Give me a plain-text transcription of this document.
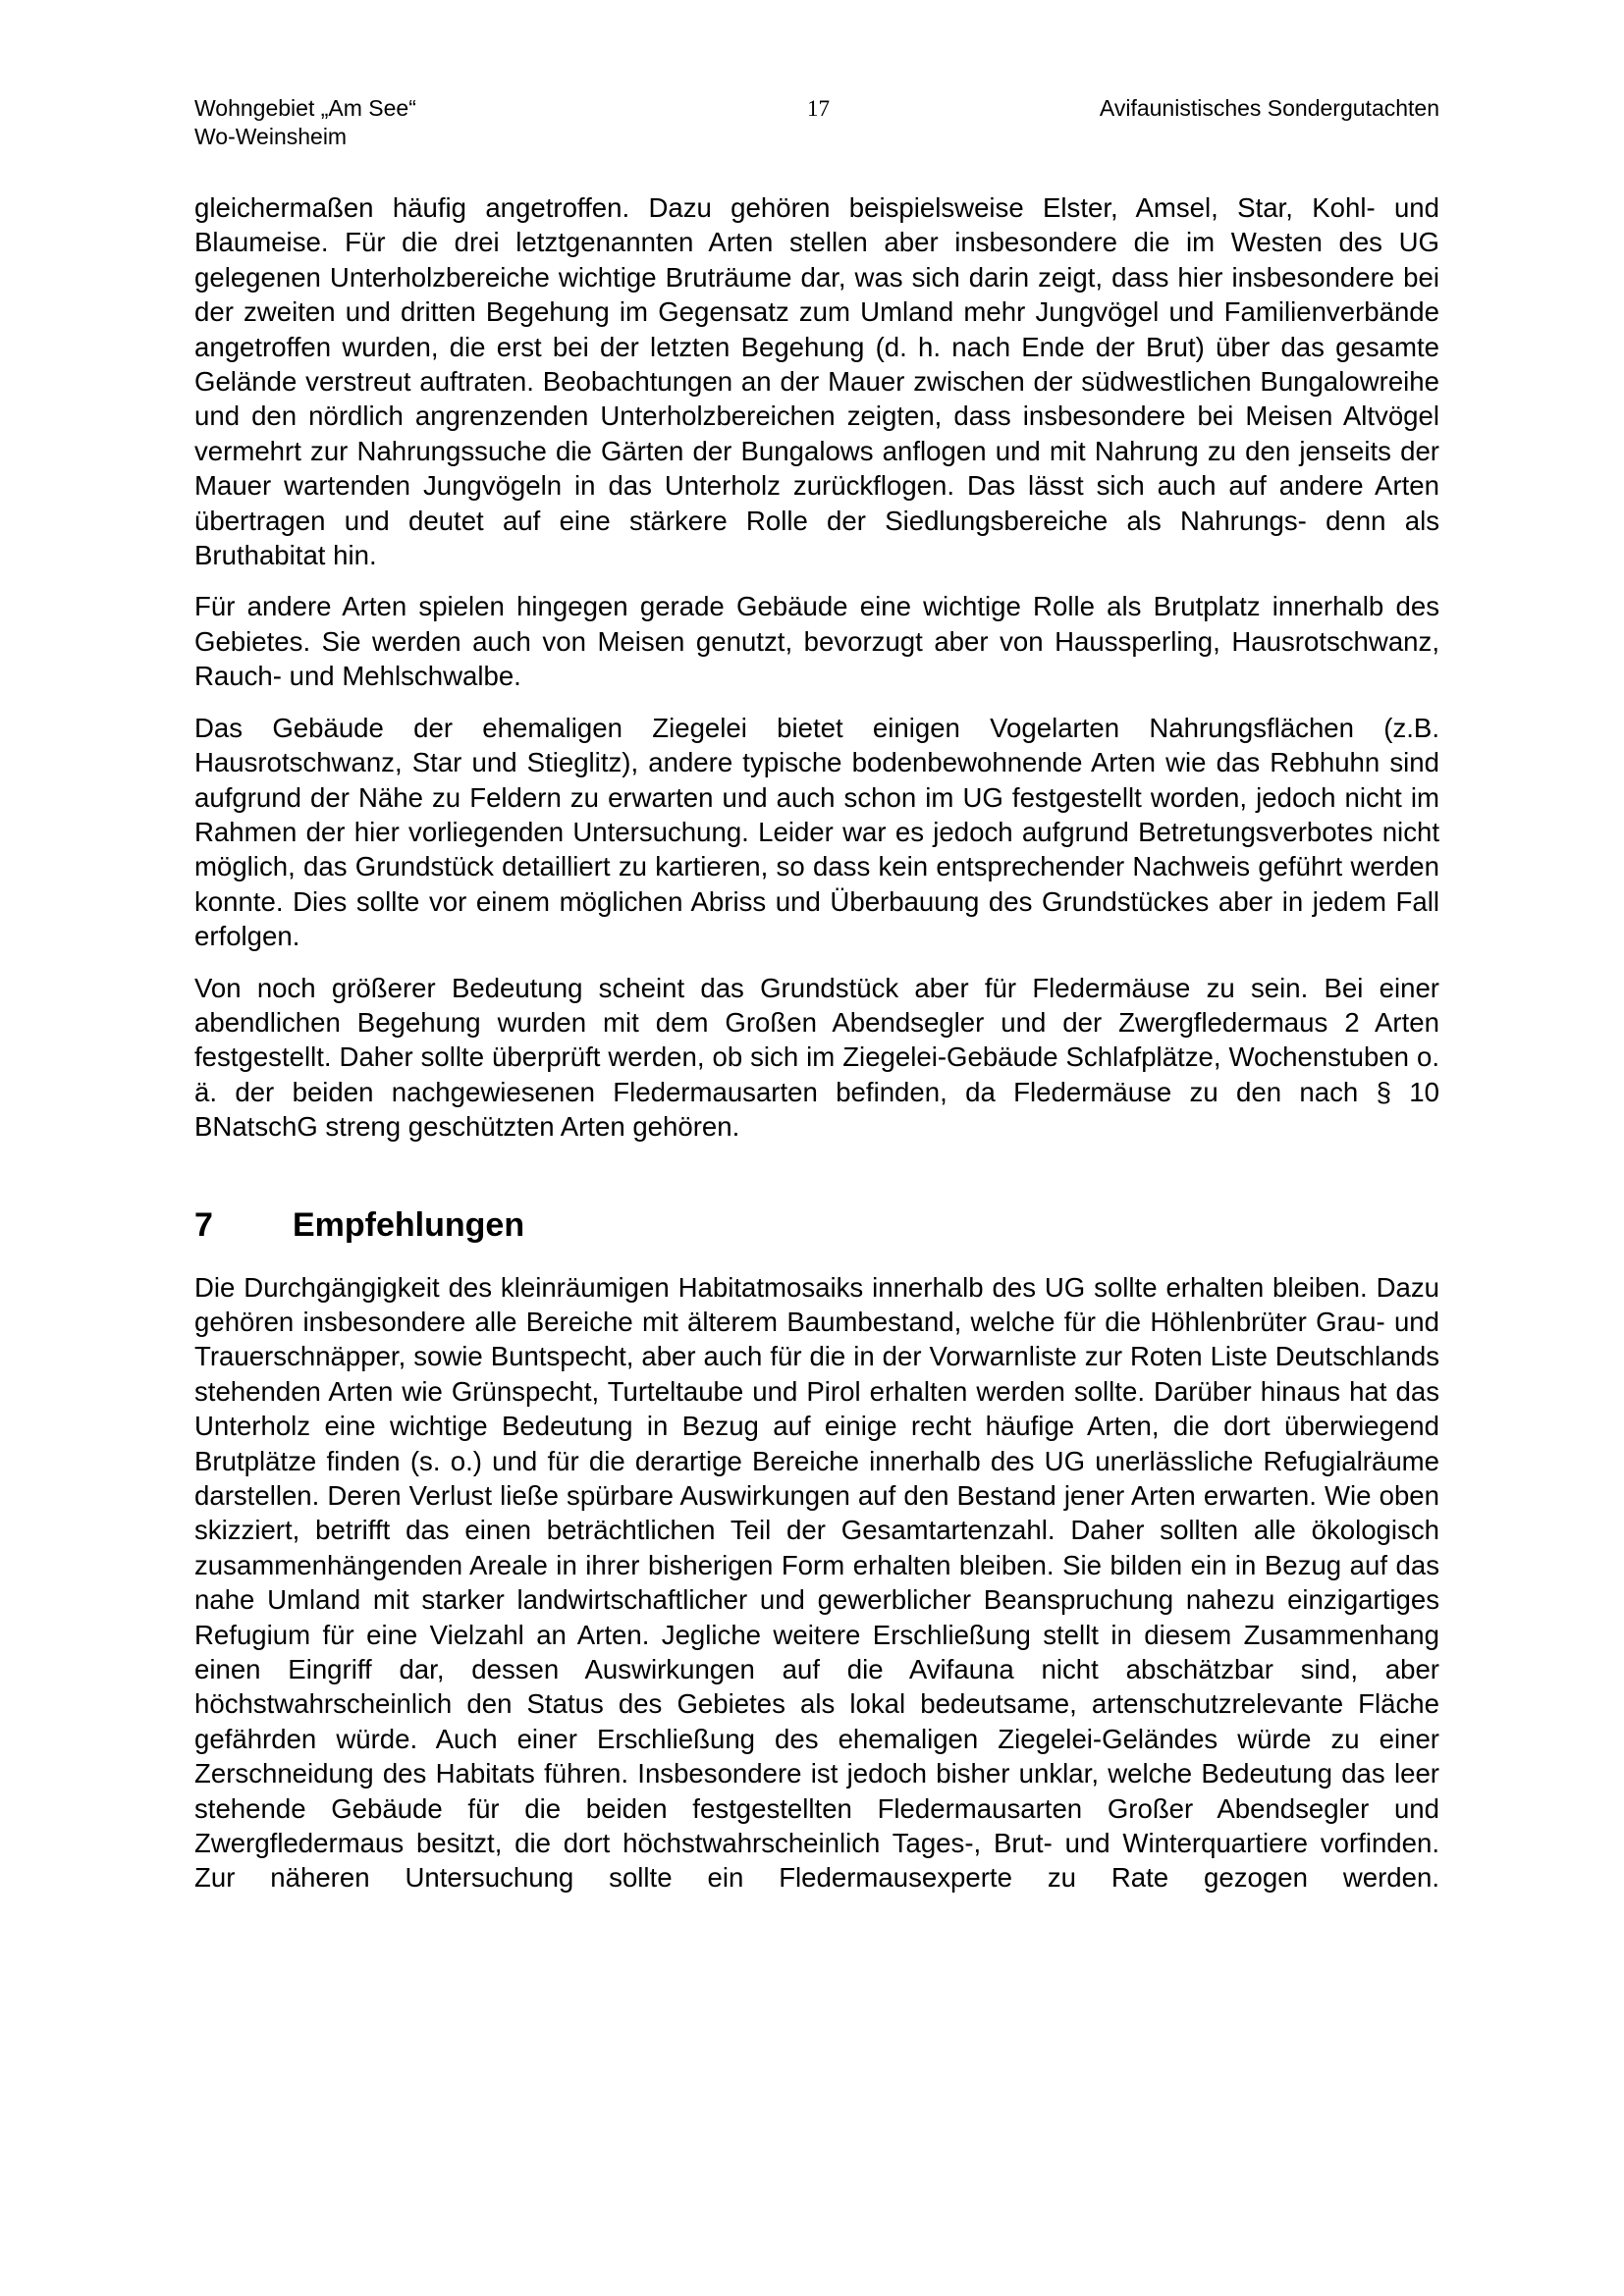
Wohngebiet „Am See“
Wo-Weinsheim
17	Avifaunistisches Sondergutachten

gleichermaßen häufig angetroffen. Dazu gehören beispielsweise Elster, Amsel, Star, Kohl- und Blaumeise. Für die drei letztgenannten Arten stellen aber insbesondere die im Westen des UG gelegenen Unterholzbereiche wichtige Bruträume dar, was sich darin zeigt, dass hier insbesondere bei der zweiten und dritten Begehung im Gegensatz zum Umland mehr Jungvögel und Familienverbände angetroffen wurden, die erst bei der letzten Begehung (d. h. nach Ende der Brut) über das gesamte Gelände verstreut auftraten. Beobachtungen an der Mauer zwischen der südwestlichen Bungalowreihe und den nördlich angrenzenden Unterholzbereichen zeigten, dass insbesondere bei Meisen Altvögel vermehrt zur Nahrungssuche die Gärten der Bungalows anflogen und mit Nahrung zu den jenseits der Mauer wartenden Jungvögeln in das Unterholz zurückflogen. Das lässt sich auch auf andere Arten übertragen und deutet auf eine stärkere Rolle der Siedlungsbereiche als Nahrungs- denn als Bruthabitat hin.

Für andere Arten spielen hingegen gerade Gebäude eine wichtige Rolle als Brutplatz innerhalb des Gebietes. Sie werden auch von Meisen genutzt, bevorzugt aber von Haussperling, Hausrotschwanz, Rauch- und Mehlschwalbe.

Das Gebäude der ehemaligen Ziegelei bietet einigen Vogelarten Nahrungsflächen (z.B. Hausrotschwanz, Star und Stieglitz), andere typische bodenbewohnende Arten wie das Rebhuhn sind aufgrund der Nähe zu Feldern zu erwarten und auch schon im UG festgestellt worden, jedoch nicht im Rahmen der hier vorliegenden Untersuchung. Leider war es jedoch aufgrund Betretungsverbotes nicht möglich, das Grundstück detailliert zu kartieren, so dass kein entsprechender Nachweis geführt werden konnte. Dies sollte vor einem möglichen Abriss und Überbauung des Grundstückes aber in jedem Fall erfolgen.

Von noch größerer Bedeutung scheint das Grundstück aber für Fledermäuse zu sein. Bei einer abendlichen Begehung wurden mit dem Großen Abendsegler und der Zwergfledermaus 2 Arten festgestellt. Daher sollte überprüft werden, ob sich im Ziegelei-Gebäude Schlafplätze, Wochenstuben o. ä. der beiden nachgewiesenen Fledermausarten befinden, da Fledermäuse zu den nach § 10 BNatschG streng geschützten Arten gehören.

7	Empfehlungen

Die Durchgängigkeit des kleinräumigen Habitatmosaiks innerhalb des UG sollte erhalten bleiben. Dazu gehören insbesondere alle Bereiche mit älterem Baumbestand, welche für die Höhlenbrüter Grau- und Trauerschnäpper, sowie Buntspecht, aber auch für die in der Vorwarnliste zur Roten Liste Deutschlands stehenden Arten wie Grünspecht, Turteltaube und Pirol erhalten werden sollte. Darüber hinaus hat das Unterholz eine wichtige Bedeutung in Bezug auf einige recht häufige Arten, die dort überwiegend Brutplätze finden (s. o.) und für die derartige Bereiche innerhalb des UG unerlässliche Refugialräume darstellen. Deren Verlust ließe spürbare Auswirkungen auf den Bestand jener Arten erwarten. Wie oben skizziert, betrifft das einen beträchtlichen Teil der Gesamtartenzahl. Daher sollten alle ökologisch zusammenhängenden Areale in ihrer bisherigen Form erhalten bleiben. Sie bilden ein in Bezug auf das nahe Umland mit starker landwirtschaftlicher und gewerblicher Beanspruchung nahezu einzigartiges Refugium für eine Vielzahl an Arten. Jegliche weitere Erschließung stellt in diesem Zusammenhang einen Eingriff dar, dessen Auswirkungen auf die Avifauna nicht abschätzbar sind, aber höchstwahrscheinlich den Status des Gebietes als lokal bedeutsame, artenschutzrelevante Fläche gefährden würde. Auch einer Erschließung des ehemaligen Ziegelei-Geländes würde zu einer Zerschneidung des Habitats führen. Insbesondere ist jedoch bisher unklar, welche Bedeutung das leer stehende Gebäude für die beiden festgestellten Fledermausarten Großer Abendsegler und Zwergfledermaus besitzt, die dort höchstwahrscheinlich Tages-, Brut- und Winterquartiere vorfinden. Zur näheren Untersuchung sollte ein Fledermausexperte zu Rate gezogen werden.
